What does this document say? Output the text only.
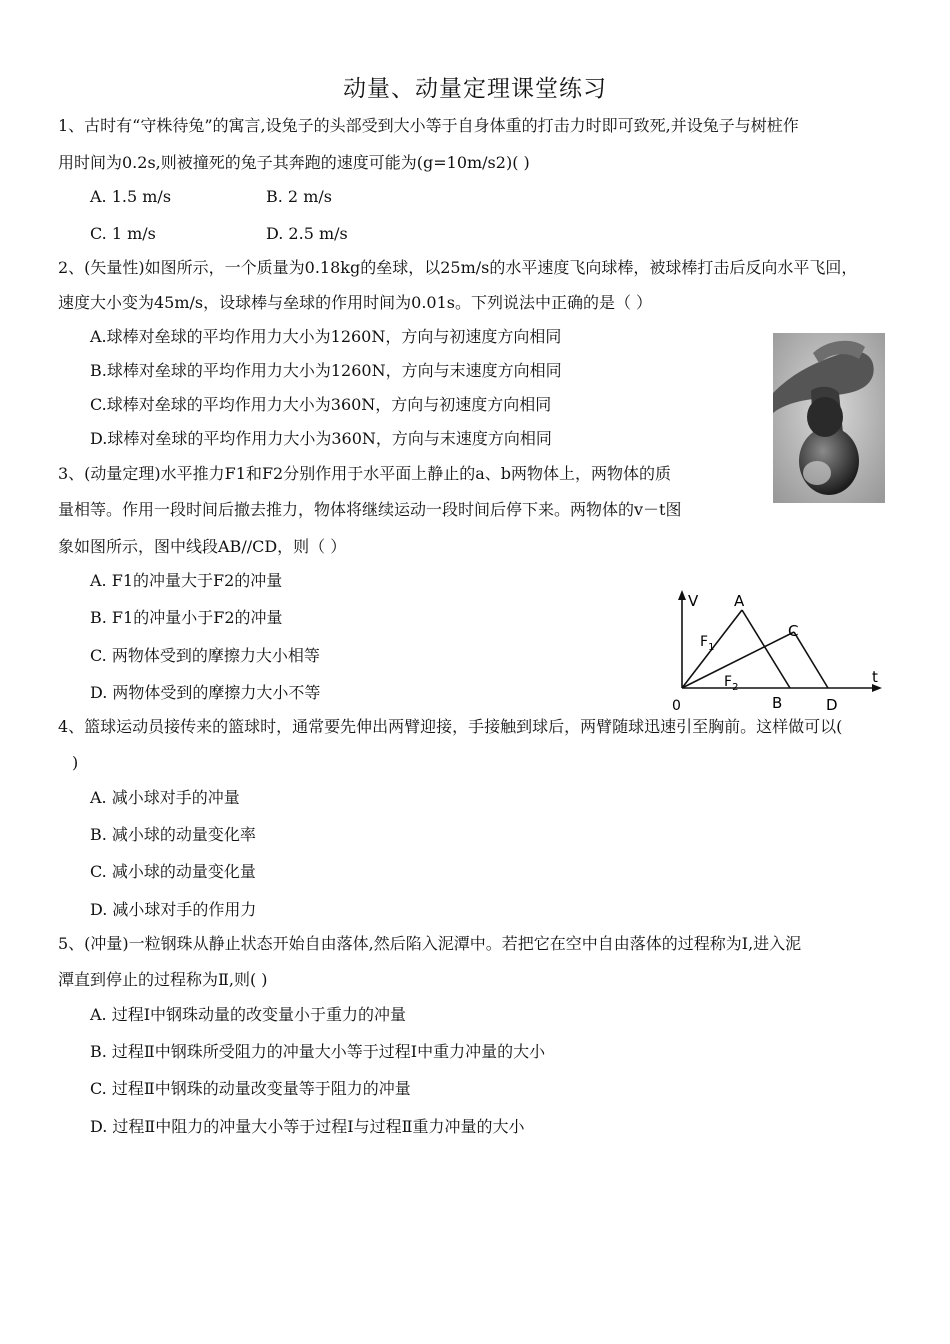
动量、动量定理课堂练习
1、古时有“守株待兔”的寓言,设兔子的头部受到大小等于自身体重的打击力时即可致死,并设兔子与树桩作
用时间为0.2s,则被撞死的兔子其奔跑的速度可能为(g=10m/s2)( )
A. 1.5 m/s	B. 2 m/s
C. 1 m/s	D. 2.5 m/s
2、(矢量性)如图所示，一个质量为0.18kg的垒球，以25m/s的水平速度飞向球棒，被球棒打击后反向水平飞回，
速度大小变为45m/s，设球棒与垒球的作用时间为0.01s。下列说法中正确的是（ ）
A.球棒对垒球的平均作用力大小为1260N，方向与初速度方向相同
B.球棒对垒球的平均作用力大小为1260N，方向与末速度方向相同
C.球棒对垒球的平均作用力大小为360N，方向与初速度方向相同
D.球棒对垒球的平均作用力大小为360N，方向与末速度方向相同
3、(动量定理)水平推力F1和F2分别作用于水平面上静止的a、b两物体上，两物体的质
量相等。作用一段时间后撤去推力，物体将继续运动一段时间后停下来。两物体的v－t图
象如图所示，图中线段AB//CD，则（ ）
A. F1的冲量大于F2的冲量
B. F1的冲量小于F2的冲量
C. 两物体受到的摩擦力大小相等
D. 两物体受到的摩擦力大小不等
V
t
0
A
B
C
D
$F_1$
$F_2$
4、篮球运动员接传来的篮球时，通常要先伸出两臂迎接，手接触到球后，两臂随球迅速引至胸前。这样做可以(
)
A. 减小球对手的冲量
B. 减小球的动量变化率
C. 减小球的动量变化量
D. 减小球对手的作用力
5、(冲量)一粒钢珠从静止状态开始自由落体,然后陷入泥潭中。若把它在空中自由落体的过程称为Ⅰ,进入泥
潭直到停止的过程称为Ⅱ,则( )
A. 过程Ⅰ中钢珠动量的改变量小于重力的冲量
B. 过程Ⅱ中钢珠所受阻力的冲量大小等于过程Ⅰ中重力冲量的大小
C. 过程Ⅱ中钢珠的动量改变量等于阻力的冲量
D. 过程Ⅱ中阻力的冲量大小等于过程Ⅰ与过程Ⅱ重力冲量的大小
